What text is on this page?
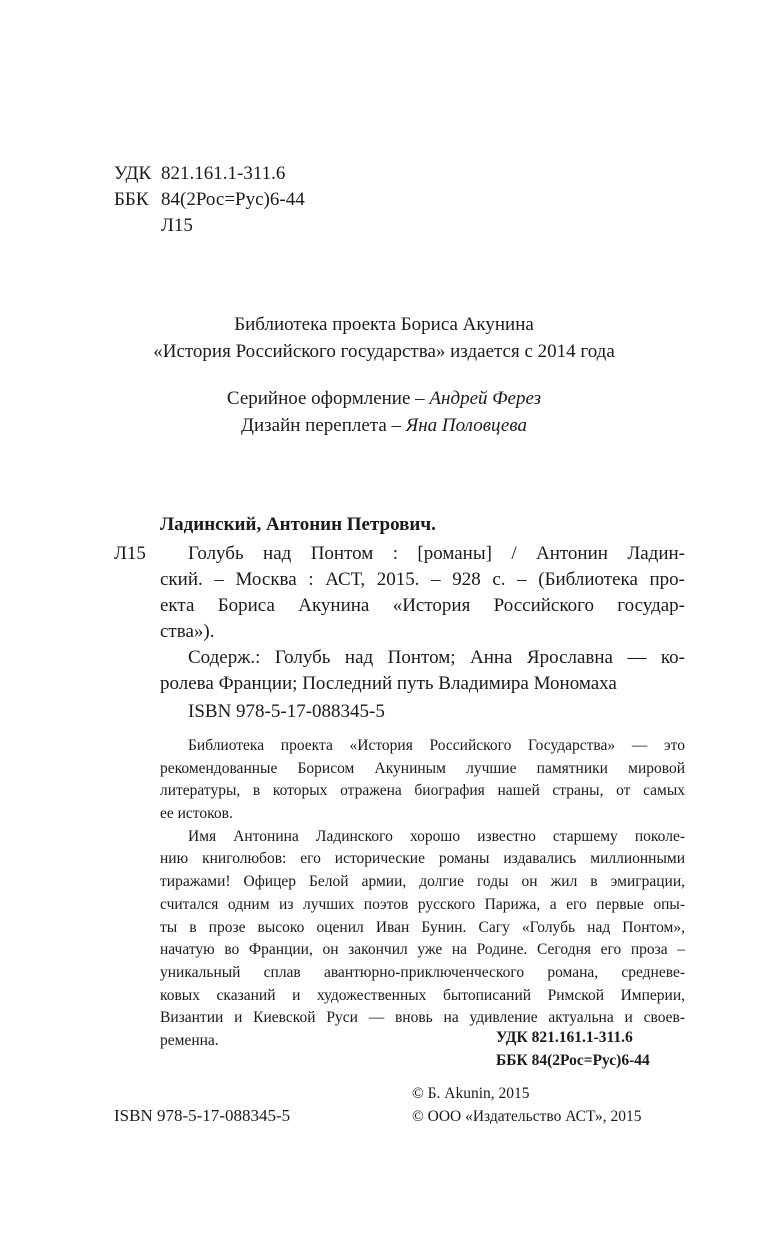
УДК 821.161.1-311.6
ББК 84(2Рос=Рус)6-44
Л15
Библиотека проекта Бориса Акунина
«История Российского государства» издается с 2014 года
Серийное оформление – Андрей Ферез
Дизайн переплета – Яна Половцева
Ладинский, Антонин Петрович.
Л15	Голубь над Понтом : [романы] / Антонин Ладин-
ский. – Москва : АСТ, 2015. – 928 с. – (Библиотека про-
екта Бориса Акунина «История Российского государ-
ства»).
Содерж.: Голубь над Понтом; Анна Ярославна — ко-
ролева Франции; Последний путь Владимира Мономаха
ISBN 978-5-17-088345-5
Библиотека проекта «История Российского Государства» — это
рекомендованные Борисом Акуниным лучшие памятники мировой
литературы, в которых отражена биография нашей страны, от самых
ее истоков.
Имя Антонина Ладинского хорошо известно старшему поколе-
нию книголюбов: его исторические романы издавались миллионными
тиражами! Офицер Белой армии, долгие годы он жил в эмиграции,
считался одним из лучших поэтов русского Парижа, а его первые опы-
ты в прозе высоко оценил Иван Бунин. Сагу «Голубь над Понтом»,
начатую во Франции, он закончил уже на Родине. Сегодня его проза –
уникальный сплав авантюрно-приключенческого романа, средневе-
ковых сказаний и художественных бытописаний Римской Империи,
Византии и Киевской Руси — вновь на удивление актуальна и своев-
ременна.	УДК 821.161.1-311.6
ББК 84(2Рос=Рус)6-44
© Б. Akunin, 2015
ISBN 978-5-17-088345-5	© ООО «Издательство АСТ», 2015
